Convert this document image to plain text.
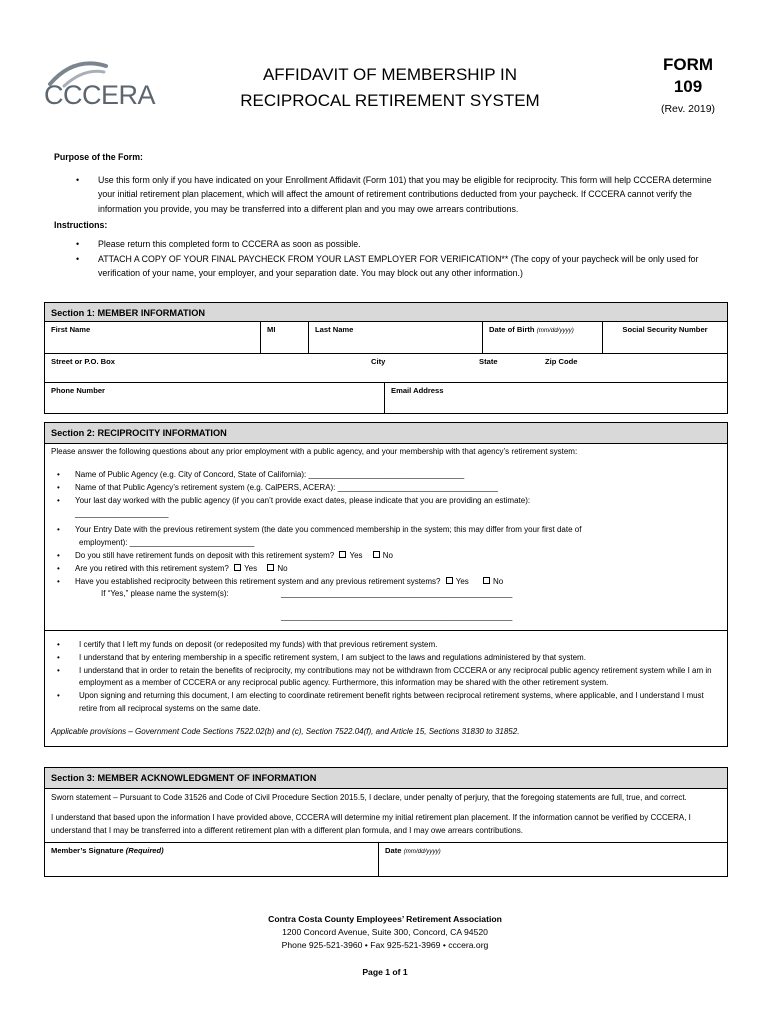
CCCERA
AFFIDAVIT OF MEMBERSHIP IN
RECIPROCAL RETIREMENT SYSTEM
FORM
109
(Rev. 2019)
Purpose of the Form:
• Use this form only if you have indicated on your Enrollment Affidavit (Form 101) that you may be eligible for reciprocity. This form will help CCCERA determine your initial retirement plan placement, which will affect the amount of retirement contributions deducted from your paycheck. If CCCERA cannot verify the information you provide, you may be transferred into a different plan and you may owe arrears contributions.
Instructions:
• Please return this completed form to CCCERA as soon as possible.
• ATTACH A COPY OF YOUR FINAL PAYCHECK FROM YOUR LAST EMPLOYER FOR VERIFICATION** (The copy of your paycheck will be only used for verification of your name, your employer, and your separation date. You may block out any other information.)
Section 1: MEMBER INFORMATION
First Name	MI	Last Name	Date of Birth (mm/dd/yyyy)	Social Security Number
Street or P.O. Box	City	State	Zip Code
Phone Number	Email Address
Section 2: RECIPROCITY INFORMATION
Please answer the following questions about any prior employment with a public agency, and your membership with that agency’s retirement system:
• Name of Public Agency (e.g. City of Concord, State of California): ___________________________________
• Name of that Public Agency’s retirement system (e.g. CalPERS, ACERA): ____________________________________
• Your last day worked with the public agency (if you can’t provide exact dates, please indicate that you are providing an estimate):
_____________________
• Your Entry Date with the previous retirement system (the date you commenced membership in the system; this may differ from your first date of
employment): ____________________________
• Do you still have retirement funds on deposit with this retirement system? Yes	No
• Are you retired with this retirement system? Yes	No
• Have you established reciprocity between this retirement system and any previous retirement systems? Yes	No
If “Yes,” please name the system(s):	____________________________________________________
____________________________________________________
• I certify that I left my funds on deposit (or redeposited my funds) with that previous retirement system.
• I understand that by entering membership in a specific retirement system, I am subject to the laws and regulations administered by that system.
• I understand that in order to retain the benefits of reciprocity, my contributions may not be withdrawn from CCCERA or any reciprocal public agency retirement system while I am in employment as a member of CCCERA or any reciprocal public agency. Furthermore, this information may be shared with the other retirement system.
• Upon signing and returning this document, I am electing to coordinate retirement benefit rights between reciprocal retirement systems, where applicable, and I understand I must retire from all reciprocal systems on the same date.
Applicable provisions – Government Code Sections 7522.02(b) and (c), Section 7522.04(f), and Article 15, Sections 31830 to 31852.
Section 3: MEMBER ACKNOWLEDGMENT OF INFORMATION

Sworn statement – Pursuant to Code 31526 and Code of Civil Procedure Section 2015.5, I declare, under penalty of perjury, that the foregoing statements are full, true, and correct.

I understand that based upon the information I have provided above, CCCERA will determine my initial retirement plan placement. If the information cannot be verified by CCCERA, I understand that I may be transferred into a different retirement plan with a different plan formula, and I may owe arrears contributions.

Member’s Signature (Required)	Date (mm/dd/yyyy)
Contra Costa County Employees’ Retirement Association
1200 Concord Avenue, Suite 300, Concord, CA 94520
Phone 925-521-3960 • Fax 925-521-3969 • cccera.org
Page 1 of 1
